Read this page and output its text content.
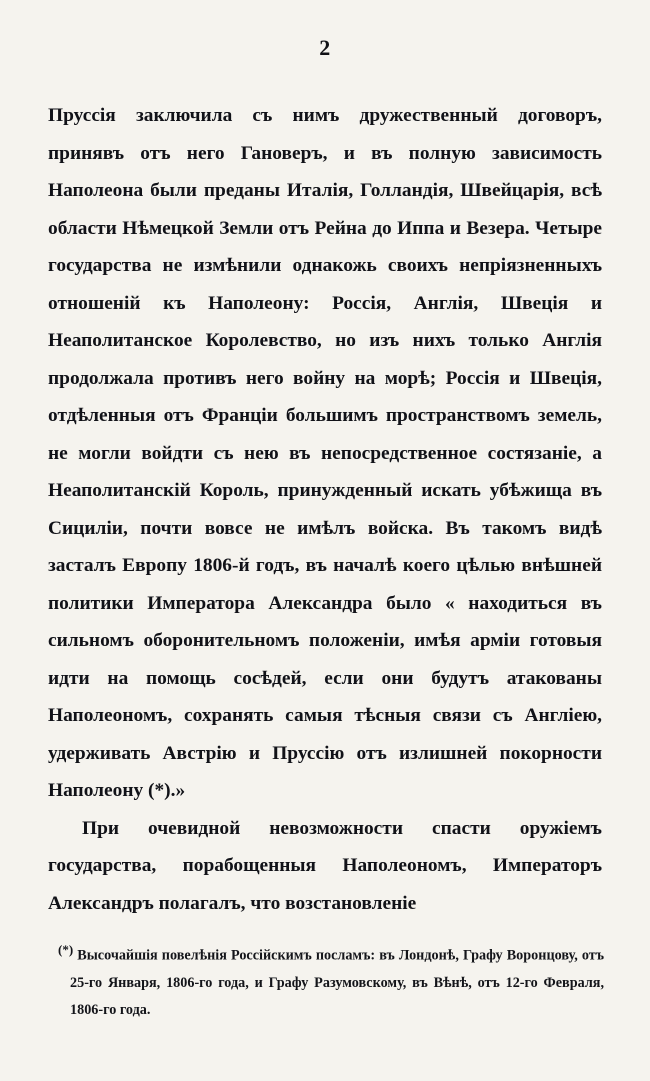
2

Пруссія заключила съ нимъ дружественный договоръ, принявъ отъ него Гановеръ, и въ полную зависимость Наполеона были преданы Италія, Голландія, Швейцарія, всѣ области Нѣмецкой Земли отъ Рейна до Иппа и Везера. Четыре государства не измѣнили однакожь своихъ непріязненныхъ отношеній къ Наполеону: Россія, Англія, Швеція и Неаполитанское Королевство, но изъ нихъ только Англія продолжала противъ него войну на морѣ; Россія и Швеція, отдѣленныя отъ Франціи большимъ пространствомъ земель, не могли войдти съ нею въ непосредственное состязаніе, а Неаполитанскій Король, принужденный искать убѣжища въ Сициліи, почти вовсе не имѣлъ войска. Въ такомъ видѣ засталъ Европу 1806-й годъ, въ началѣ коего цѣлью внѣшней политики Императора Александра было « находиться въ сильномъ оборонительномъ положеніи, имѣя арміи готовыя идти на помощь сосѣдей, если они будутъ атакованы Наполеономъ, сохранять самыя тѣсныя связи съ Англіею, удерживать Австрію и Пруссію отъ излишней покорности Наполеону (*).»

При очевидной невозможности спасти оружіемъ государства, порабощенныя Наполеономъ, Императоръ Александръ полагалъ, что возстановленіе

(*) Высочайшія повелѣнія Россійскимъ посламъ: въ Лондонѣ, Графу Воронцову, отъ 25-го Января, 1806-го года, и Графу Разумовскому, въ Вѣнѣ, отъ 12-го Февраля, 1806-го года.
